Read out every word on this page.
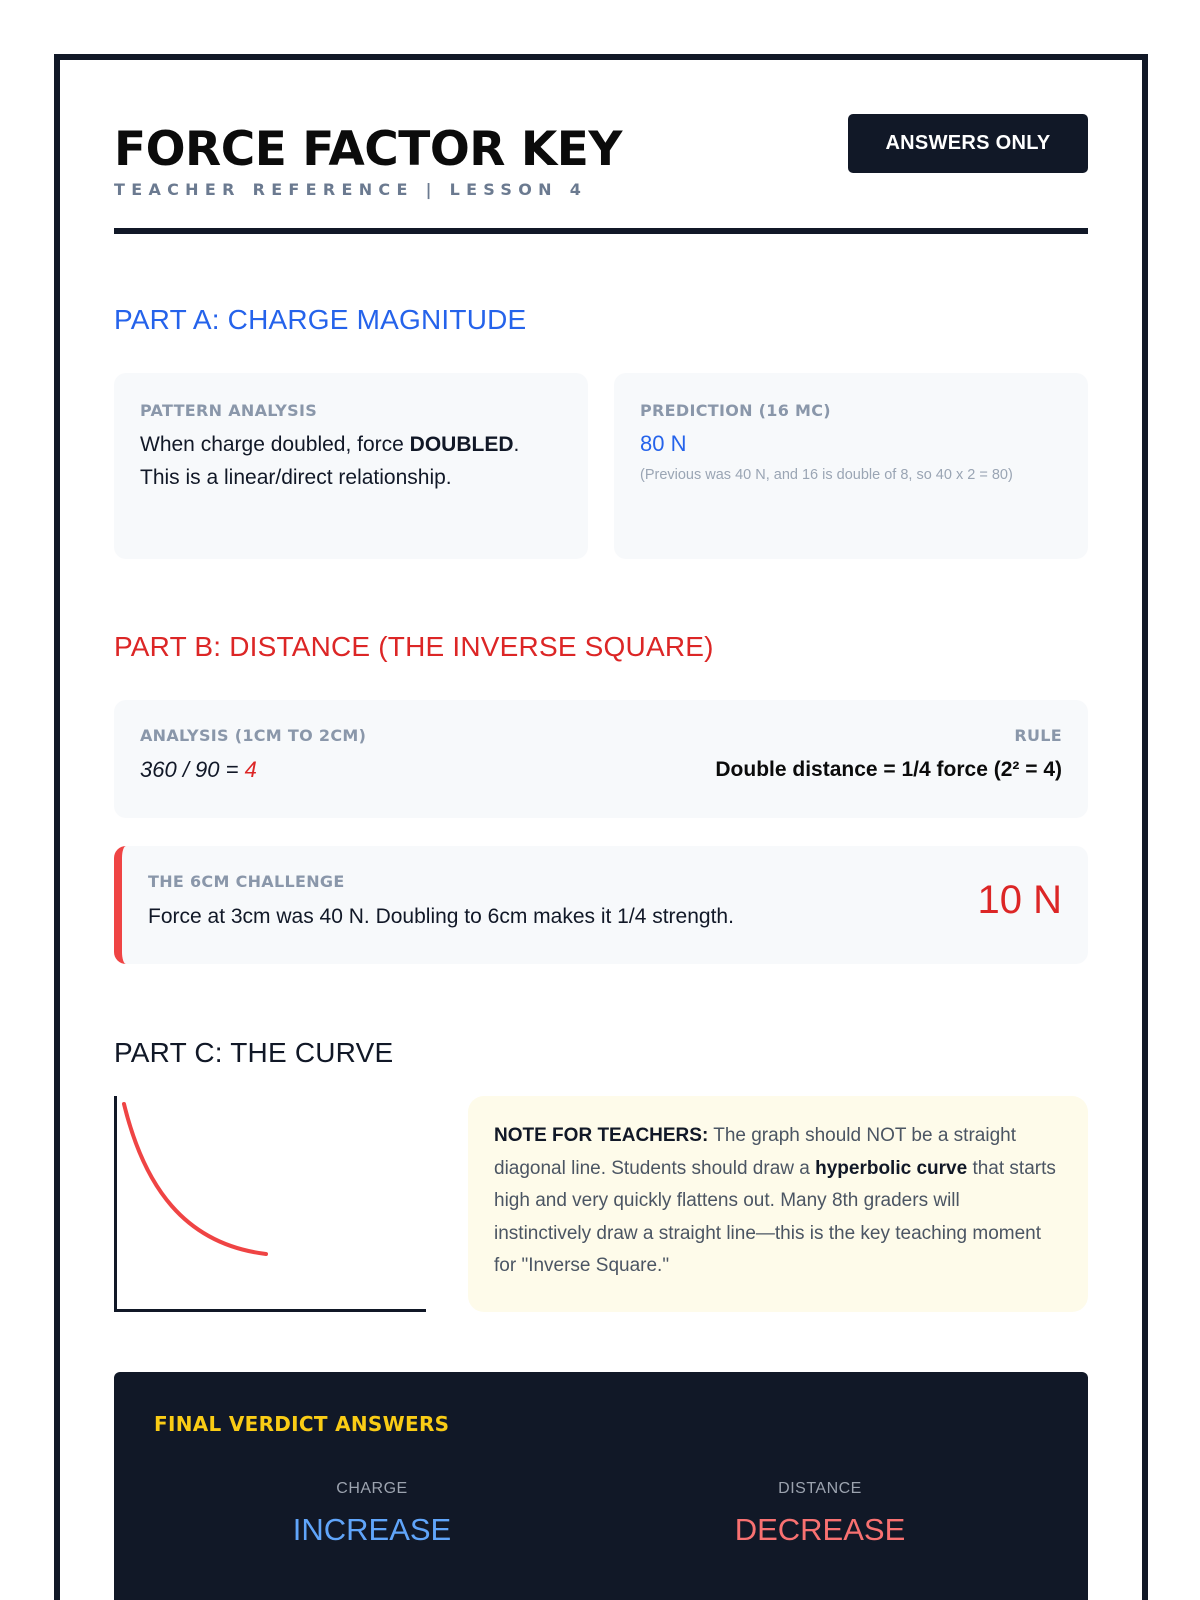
FORCE FACTOR KEY
TEACHER REFERENCE | LESSON 4
ANSWERS ONLY
PART A: CHARGE MAGNITUDE
PATTERN ANALYSIS
When charge doubled, force DOUBLED. This is a linear/direct relationship.
PREDICTION (16 MC)
80 N
(Previous was 40 N, and 16 is double of 8, so 40 x 2 = 80)
PART B: DISTANCE (THE INVERSE SQUARE)
ANALYSIS (1CM TO 2CM)
360 / 90 = 4
RULE
Double distance = 1/4 force (2² = 4)
THE 6CM CHALLENGE
Force at 3cm was 40 N. Doubling to 6cm makes it 1/4 strength.	10 N
PART C: THE CURVE
NOTE FOR TEACHERS: The graph should NOT be a straight diagonal line. Students should draw a hyperbolic curve that starts high and very quickly flattens out. Many 8th graders will instinctively draw a straight line—this is the key teaching moment for "Inverse Square."
FINAL VERDICT ANSWERS
CHARGE
INCREASE
DISTANCE
DECREASE
